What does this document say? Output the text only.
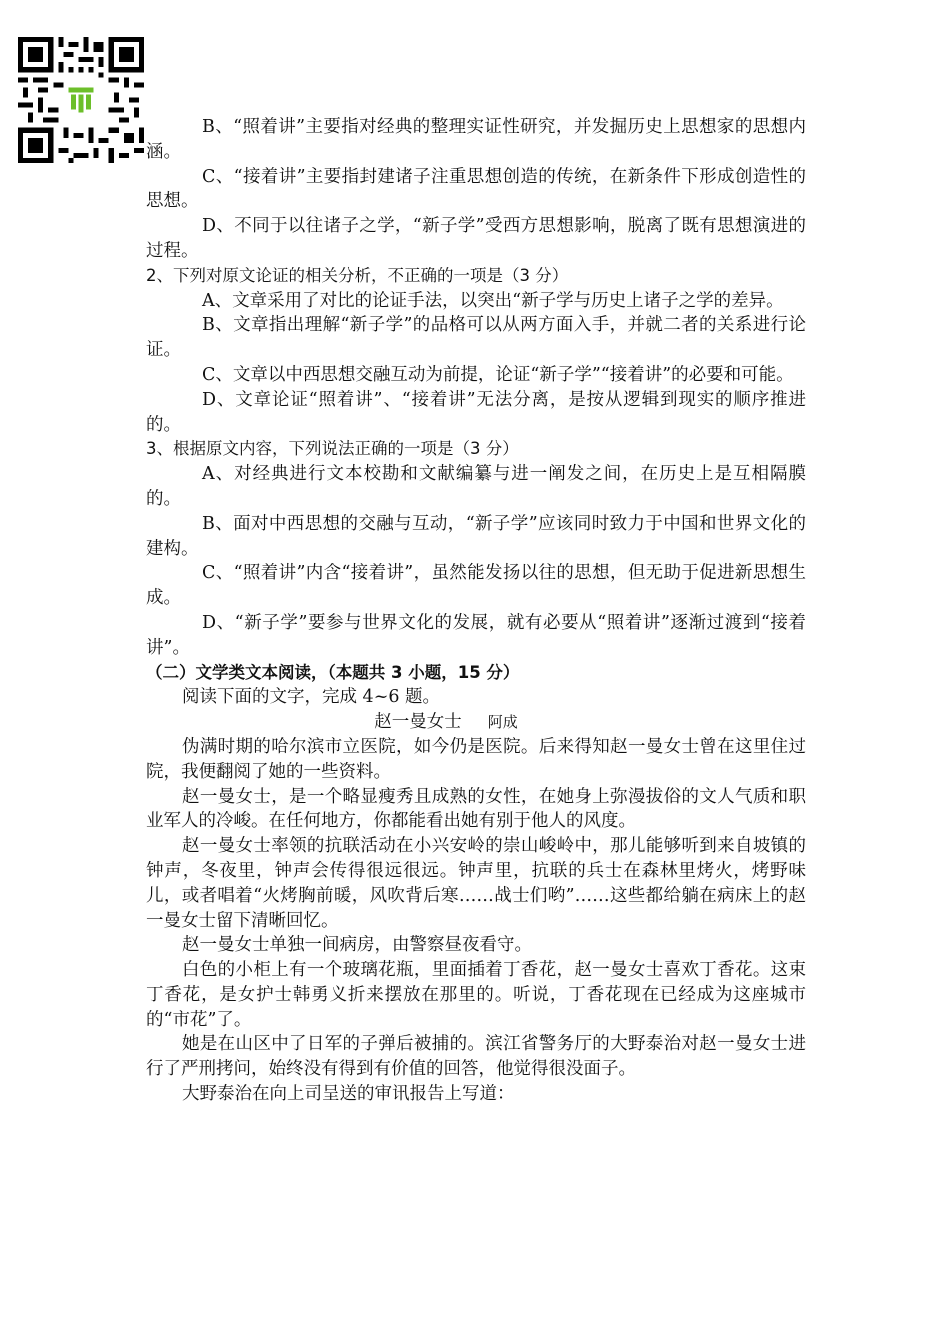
B、“照着讲”主要指对经典的整理实证性研究，并发掘历史上思想家的思想内涵。

C、“接着讲”主要指封建诸子注重思想创造的传统，在新条件下形成创造性的思想。

D、不同于以往诸子之学，“新子学”受西方思想影响，脱离了既有思想演进的过程。

2、下列对原文论证的相关分析，不正确的一项是（3 分）

A、文章采用了对比的论证手法，以突出“新子学与历史上诸子之学的差异。

B、文章指出理解“新子学”的品格可以从两方面入手，并就二者的关系进行论证。

C、文章以中西思想交融互动为前提，论证“新子学”“接着讲”的必要和可能。

D、文章论证“照着讲”、“接着讲”无法分离，是按从逻辑到现实的顺序推进的。

3、根据原文内容，下列说法正确的一项是（3 分）

A、对经典进行文本校勘和文献编纂与进一阐发之间，在历史上是互相隔膜的。

B、面对中西思想的交融与互动，“新子学”应该同时致力于中国和世界文化的建构。

C、“照着讲”内含“接着讲”，虽然能发扬以往的思想，但无助于促进新思想生成。

D、“新子学”要参与世界文化的发展，就有必要从“照着讲”逐渐过渡到“接着讲”。

（二）文学类文本阅读，（本题共 3 小题，15 分）

阅读下面的文字，完成 4~6 题。

赵一曼女士 阿成

伪满时期的哈尔滨市立医院，如今仍是医院。后来得知赵一曼女士曾在这里住过院，我便翻阅了她的一些资料。

赵一曼女士，是一个略显瘦秀且成熟的女性，在她身上弥漫拔俗的文人气质和职业军人的冷峻。在任何地方，你都能看出她有别于他人的风度。

赵一曼女士率领的抗联活动在小兴安岭的崇山峻岭中，那儿能够听到来自坡镇的钟声，冬夜里，钟声会传得很远很远。钟声里，抗联的兵士在森林里烤火，烤野味儿，或者唱着“火烤胸前暖，风吹背后寒……战士们哟”……这些都给躺在病床上的赵一曼女士留下清晰回忆。

赵一曼女士单独一间病房，由警察昼夜看守。

白色的小柜上有一个玻璃花瓶，里面插着丁香花，赵一曼女士喜欢丁香花。这束丁香花，是女护士韩勇义折来摆放在那里的。听说，丁香花现在已经成为这座城市的“市花”了。

她是在山区中了日军的子弹后被捕的。滨江省警务厅的大野泰治对赵一曼女士进行了严刑拷问，始终没有得到有价值的回答，他觉得很没面子。

大野泰治在向上司呈送的审讯报告上写道：
